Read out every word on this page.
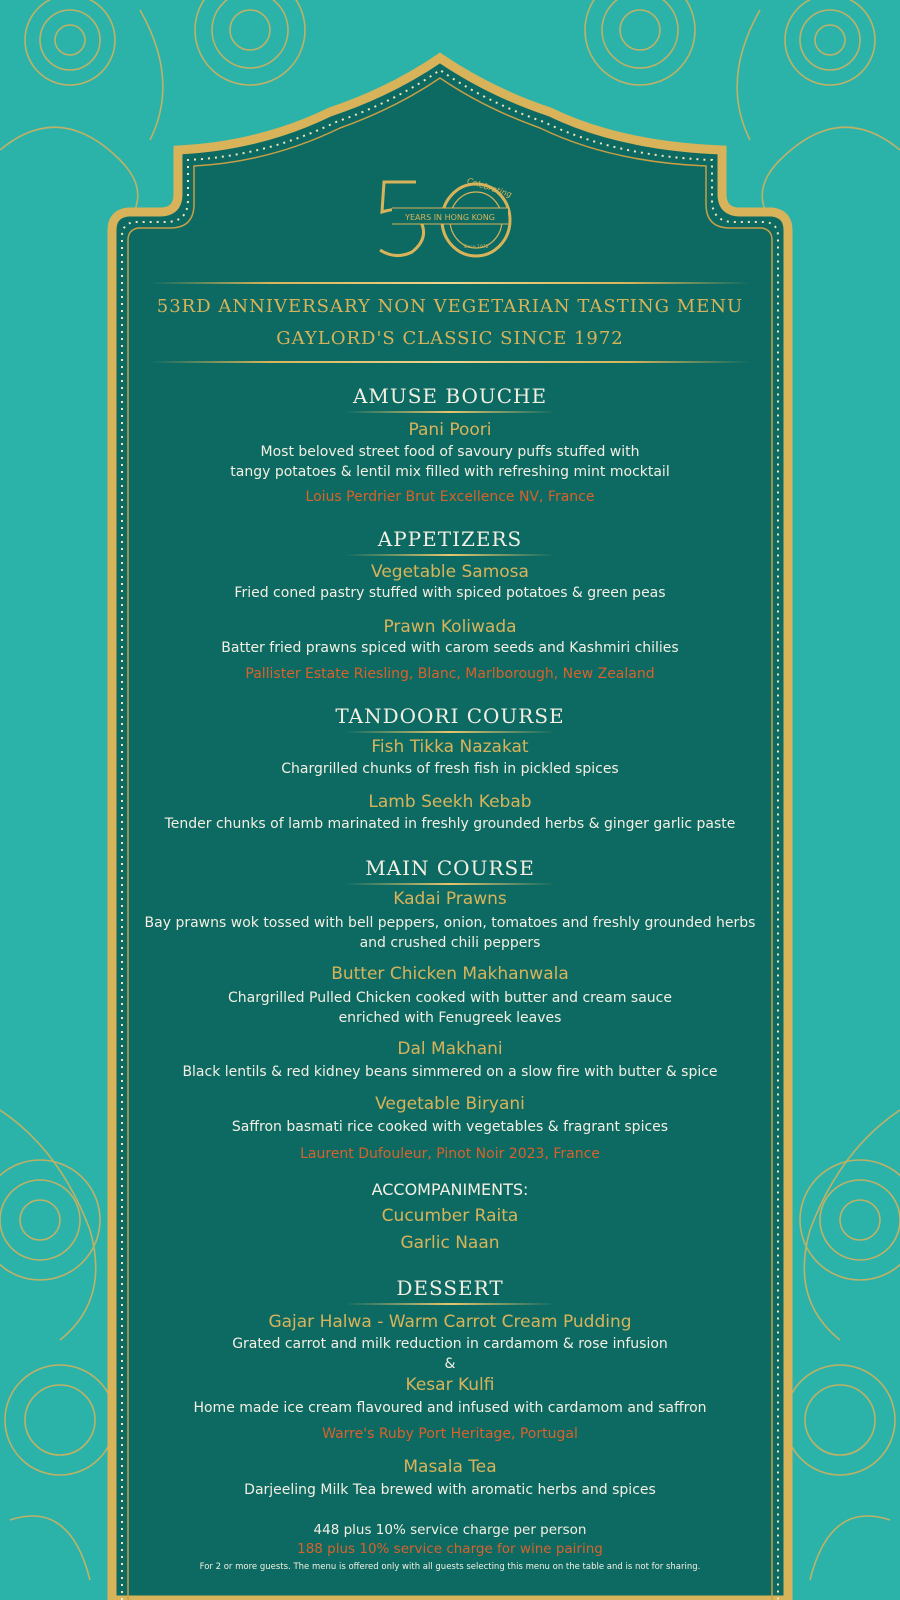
YEARS IN HONG KONG
Celebrating
Since 1972
53RD ANNIVERSARY NON VEGETARIAN TASTING MENU
GAYLORD'S CLASSIC SINCE 1972
AMUSE BOUCHE
Pani Poori
Most beloved street food of savoury puffs stuffed with
tangy potatoes & lentil mix filled with refreshing mint mocktail
Loius Perdrier Brut Excellence NV, France
APPETIZERS
Vegetable Samosa
Fried coned pastry stuffed with spiced potatoes & green peas
Prawn Koliwada
Batter fried prawns spiced with carom seeds and Kashmiri chilies
Pallister Estate Riesling, Blanc, Marlborough, New Zealand
TANDOORI COURSE
Fish Tikka Nazakat
Chargrilled chunks of fresh fish in pickled spices
Lamb Seekh Kebab
Tender chunks of lamb marinated in freshly grounded herbs & ginger garlic paste
MAIN COURSE
Kadai Prawns
Bay prawns wok tossed with bell peppers, onion, tomatoes and freshly grounded herbs
and crushed chili peppers
Butter Chicken Makhanwala
Chargrilled Pulled Chicken cooked with butter and cream sauce
enriched with Fenugreek leaves
Dal Makhani
Black lentils & red kidney beans simmered on a slow fire with butter & spice
Vegetable Biryani
Saffron basmati rice cooked with vegetables & fragrant spices
Laurent Dufouleur, Pinot Noir 2023, France
ACCOMPANIMENTS:
Cucumber Raita
Garlic Naan
DESSERT
Gajar Halwa - Warm Carrot Cream Pudding
Grated carrot and milk reduction in cardamom & rose infusion
&
Kesar Kulfi
Home made ice cream flavoured and infused with cardamom and saffron
Warre's Ruby Port Heritage, Portugal
Masala Tea
Darjeeling Milk Tea brewed with aromatic herbs and spices
448 plus 10% service charge per person
188 plus 10% service charge for wine pairing
For 2 or more guests. The menu is offered only with all guests selecting this menu on the table and is not for sharing.
